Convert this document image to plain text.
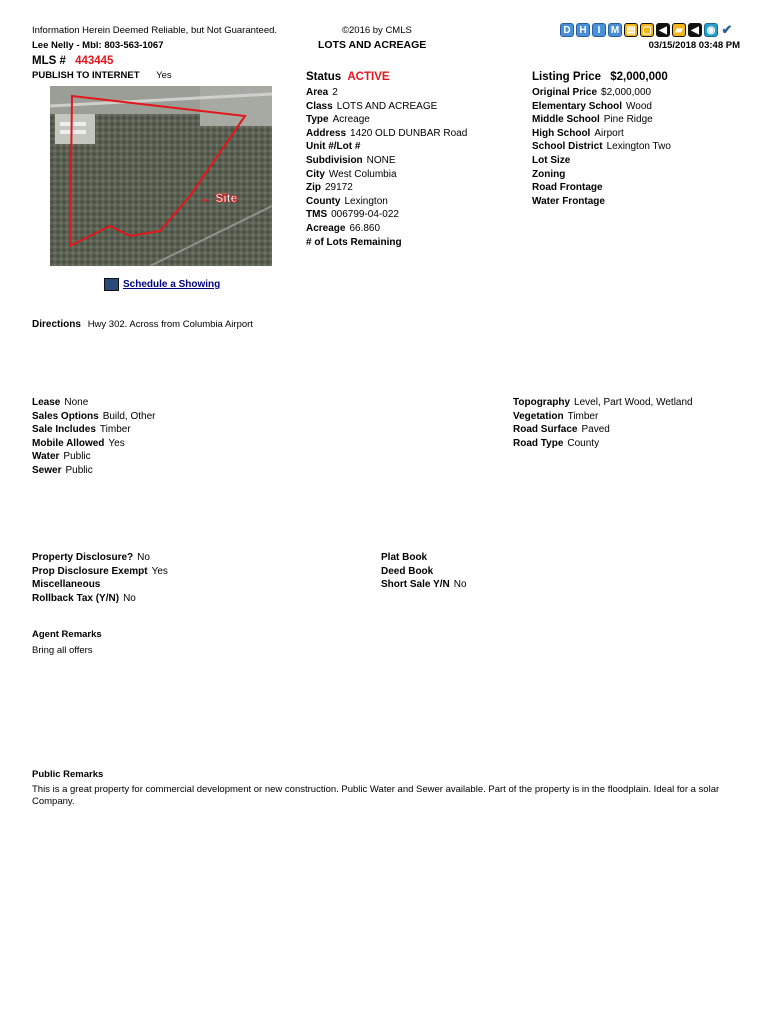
Information Herein Deemed Reliable, but Not Guaranteed.
Lee Nelly - Mbl: 803-563-1067
©2016 by CMLS
LOTS AND ACREAGE
D H	I	M ▤ ▢ ◀ ▰ ◀ ◉ ✔
03/15/2018 03:48 PM
MLS # 443445
PUBLISH TO INTERNET Yes
← Site
Schedule a Showing
Status ACTIVE
Area 2
Class LOTS AND ACREAGE
Type Acreage
Address 1420 OLD DUNBAR Road
Unit #/Lot #
Subdivision NONE
City West Columbia
Zip 29172
County Lexington
TMS 006799-04-022
Acreage 66.860
# of Lots Remaining
Listing Price $2,000,000
Original Price $2,000,000
Elementary School Wood
Middle School Pine Ridge
High School Airport
School District Lexington Two
Lot Size
Zoning
Road Frontage
Water Frontage
Directions Hwy 302. Across from Columbia Airport
Lease None
Sales Options Build, Other
Sale Includes Timber
Mobile Allowed Yes
Water Public
Sewer Public
Topography Level, Part Wood, Wetland
Vegetation Timber
Road Surface Paved
Road Type County
Property Disclosure? No
Prop Disclosure Exempt Yes
Miscellaneous
Rollback Tax (Y/N) No
Plat Book
Deed Book
Short Sale Y/N No
Agent Remarks
Bring all offers
Public Remarks
This is a great property for commercial development or new construction. Public Water and Sewer available. Part of the property is in the floodplain. Ideal for a solar Company.
